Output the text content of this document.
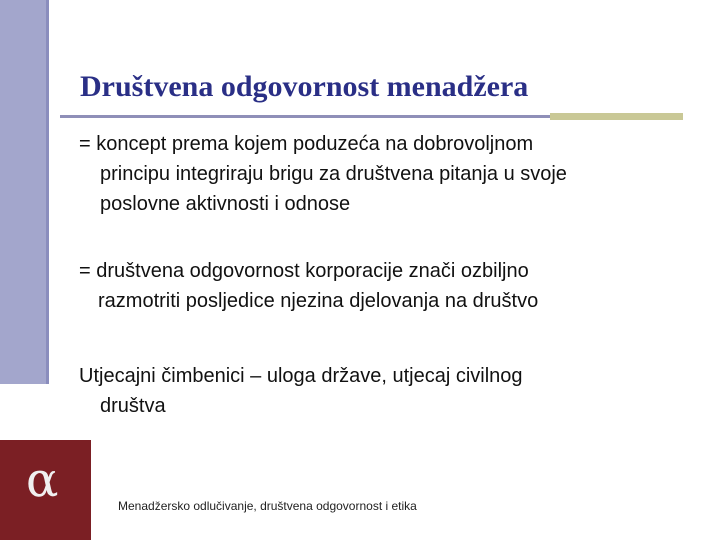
Društvena odgovornost menadžera

= koncept prema kojem poduzeća na dobrovoljnom
principu integriraju brigu za društvena pitanja u svoje
poslovne aktivnosti i odnose

= društvena odgovornost korporacije znači ozbiljno
razmotriti posljedice njezina djelovanja na društvo

Utjecajni čimbenici – uloga države, utjecaj civilnog
društva

α	Menadžersko odlučivanje, društvena odgovornost i etika
